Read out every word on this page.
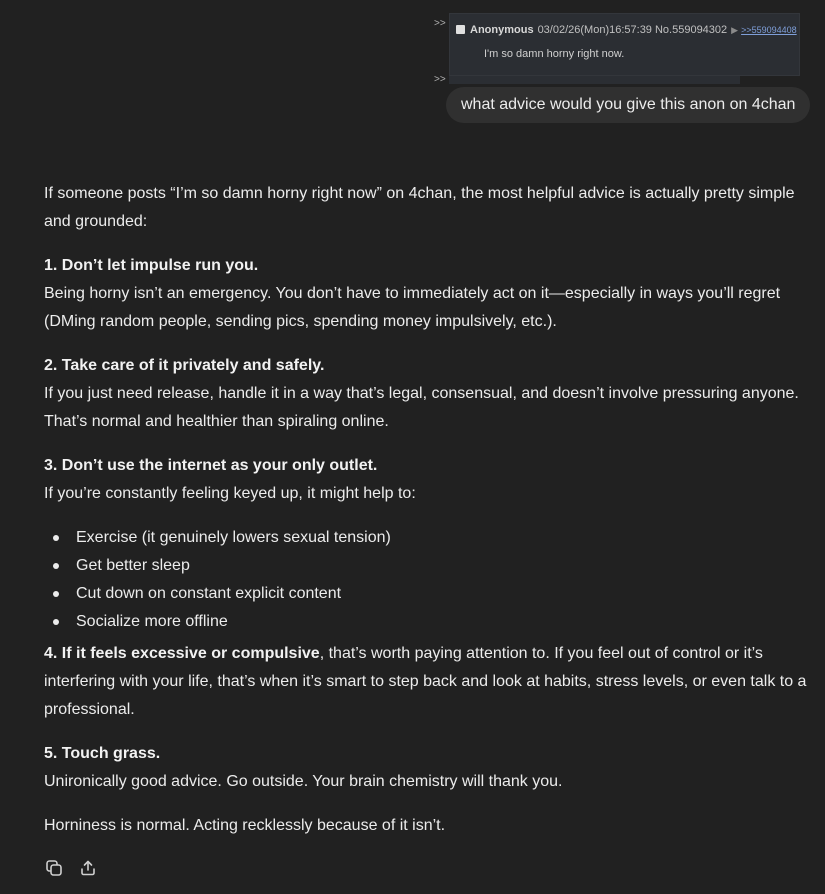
>>
Anonymous 03/02/26(Mon)16:57:39 No.559094302 ▶ >>559094408
I'm so damn horny right now.
>>
what advice would you give this anon on 4chan

If someone posts “I’m so damn horny right now” on 4chan, the most helpful advice is actually pretty simple and grounded:

1. Don’t let impulse run you.
Being horny isn’t an emergency. You don’t have to immediately act on it—especially in ways you’ll regret (DMing random people, sending pics, spending money impulsively, etc.).

2. Take care of it privately and safely.
If you just need release, handle it in a way that’s legal, consensual, and doesn’t involve pressuring anyone. That’s normal and healthier than spiraling online.

3. Don’t use the internet as your only outlet.
If you’re constantly feeling keyed up, it might help to:

Exercise (it genuinely lowers sexual tension)
Get better sleep
Cut down on constant explicit content
Socialize more offline

4. If it feels excessive or compulsive, that’s worth paying attention to. If you feel out of control or it’s interfering with your life, that’s when it’s smart to step back and look at habits, stress levels, or even talk to a professional.

5. Touch grass.
Unironically good advice. Go outside. Your brain chemistry will thank you.

Horniness is normal. Acting recklessly because of it isn’t.
